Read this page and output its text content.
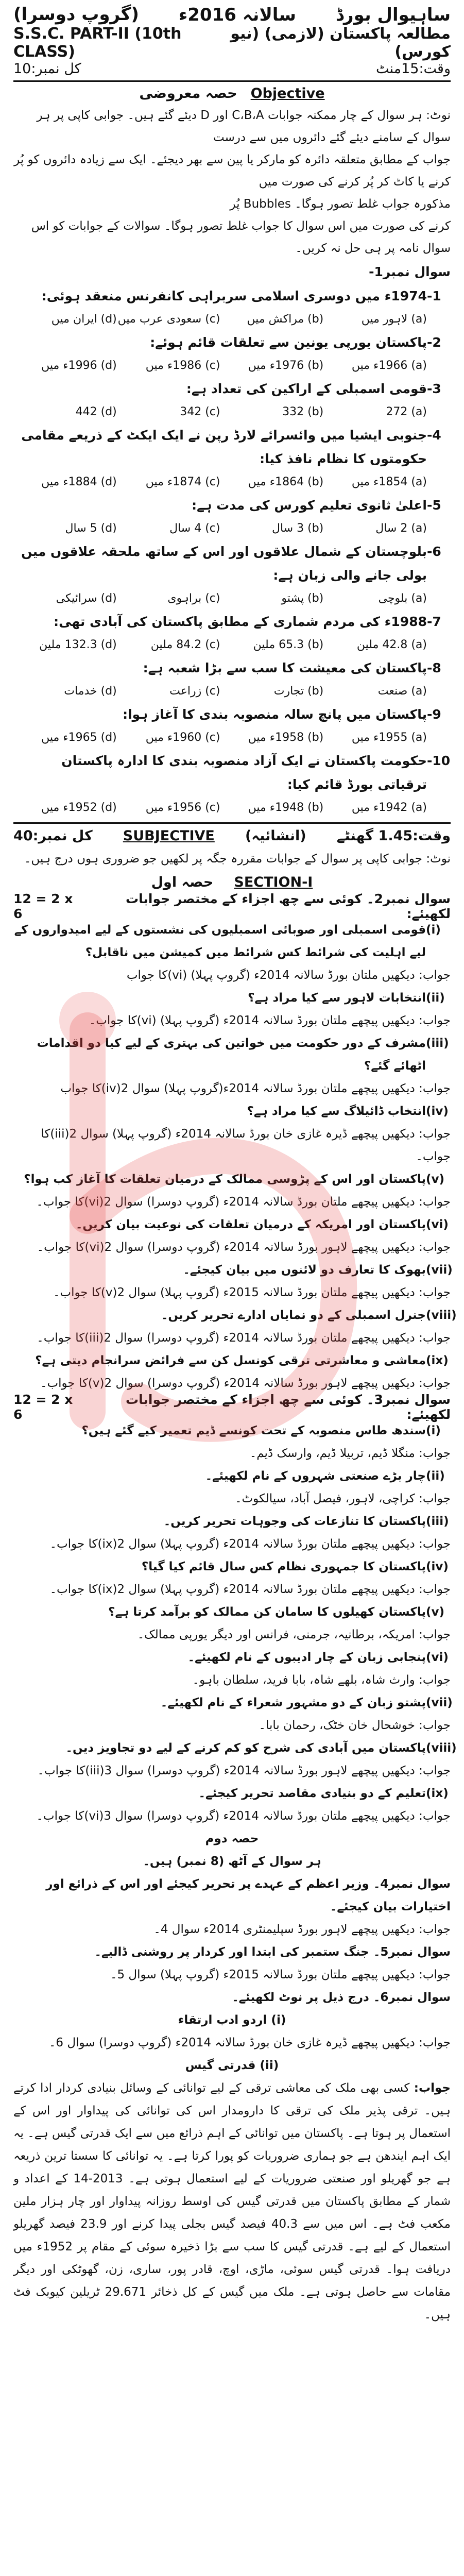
ساہیوال بورڈ
سالانہ 2016ء
(گروپ دوسرا)
مطالعہ پاکستان (لازمی) (نیو کورس)
S.S.C. PART-II (10th CLASS)
وقت:15منٹ
کل نمبر:10
حصہ معروضی Objective
نوٹ: ہر سوال کے چار ممکنہ جوابات C،B،A اور D دیئے گئے ہیں۔ جوابی کاپی پر ہر سوال کے سامنے دیئے گئے دائروں میں سے درست
جواب کے مطابق متعلقہ دائرہ کو مارکر یا پین سے بھر دیجئے۔ ایک سے زیادہ دائروں کو پُر کرنے یا کاٹ کر پُر کرنے کی صورت میں
مذکورہ جواب غلط تصور ہوگا۔ Bubbles پُر
کرنے کی صورت میں اس سوال کا جواب غلط تصور ہوگا۔ سوالات کے جوابات کو اس سوال نامہ پر ہی حل نہ کریں۔
سوال نمبر1-
-1
1974ء میں دوسری اسلامی سربراہی کانفرنس منعقد ہوئی:
(a) لاہور میں
(b) مراکش میں
(c) سعودی عرب میں
(d) ایران میں
-2
پاکستان یورپی یونین سے تعلقات قائم ہوئے:
(a) 1966ء میں
(b) 1976ء میں
(c) 1986ء میں
(d) 1996ء میں
-3
قومی اسمبلی کے اراکین کی تعداد ہے:
(a) 272
(b) 332
(c) 342
(d) 442
-4
جنوبی ایشیا میں وائسرائے لارڈ رپن نے ایک ایکٹ کے ذریعے مقامی حکومتوں کا نظام نافذ کیا:
(a) 1854ء میں
(b) 1864ء میں
(c) 1874ء میں
(d) 1884ء میں
-5
اعلیٰ ثانوی تعلیم کورس کی مدت ہے:
(a) 2 سال
(b) 3 سال
(c) 4 سال
(d) 5 سال
-6
بلوچستان کے شمال علاقوں اور اس کے ساتھ ملحقہ علاقوں میں بولی جانے والی زبان ہے:
(a) بلوچی
(b) پشتو
(c) براہوی
(d) سرائیکی
-7
1988ء کی مردم شماری کے مطابق پاکستان کی آبادی تھی:
(a) 42.8 ملین
(b) 65.3 ملین
(c) 84.2 ملین
(d) 132.3 ملین
-8
پاکستان کی معیشت کا سب سے بڑا شعبہ ہے:
(a) صنعت
(b) تجارت
(c) زراعت
(d) خدمات
-9
پاکستان میں پانچ سالہ منصوبہ بندی کا آغاز ہوا:
(a) 1955ء میں
(b) 1958ء میں
(c) 1960ء میں
(d) 1965ء میں
-10
حکومت پاکستان نے ایک آزاد منصوبہ بندی کا ادارہ پاکستان ترقیاتی بورڈ قائم کیا:
(a) 1942ء میں
(b) 1948ء میں
(c) 1956ء میں
(d) 1952ء میں
وقت:1.45 گھنٹے
(انشائیہ)
SUBJECTIVE
کل نمبر:40
نوٹ: جوابی کاپی پر سوال کے جوابات مقررہ جگہ پر لکھیں جو ضروری ہوں درج ہیں۔
حصہ اول SECTION-I
سوال نمبر2۔ کوئی سے چھ اجزاء کے مختصر جوابات لکھیئے:
12 = 2 x 6
(i)
قومی اسمبلی اور صوبائی اسمبلیوں کی نشستوں کے لیے امیدواروں کے لیے اہلیت کی شرائط کس شرائط میں کمیشن میں ناقابل؟
جواب: دیکھیں ملتان بورڈ سالانہ 2014ء (گروپ پہلا) (vi)کا جواب
(ii)
انتخابات لاہور سے کیا مراد ہے؟
جواب: دیکھیں پیچھے ملتان بورڈ سالانہ 2014ء (گروپ پہلا) (vi)کا جواب۔
(iii)
مشرف کے دور حکومت میں خواتین کی بہتری کے لیے کیا دو اقدامات اٹھائے گئے؟
جواب: دیکھیں پیچھے ملتان بورڈ سالانہ 2014ء(گروپ پہلا) سوال 2(iv)کا جواب
(iv)
انتخاب ڈائیلاگ سے کیا مراد ہے؟
جواب: دیکھیں پیچھے ڈیرہ غازی خان بورڈ سالانہ 2014ء (گروپ پہلا) سوال 2(iii)کا جواب۔
(v)
پاکستان اور اس کے پڑوسی ممالک کے درمیان تعلقات کا آغاز کب ہوا؟
جواب: دیکھیں پیچھے ملتان بورڈ سالانہ 2014ء (گروپ دوسرا) سوال 2(vi)کا جواب۔
(vi)
پاکستان اور امریکہ کے درمیان تعلقات کی نوعیت بیان کریں۔
جواب: دیکھیں پیچھے لاہور بورڈ سالانہ 2014ء (گروپ دوسرا) سوال 2(vi)کا جواب۔
(vii)
بھوک کا تعارف دو لائنوں میں بیان کیجئے۔
جواب: دیکھیں پیچھے ملتان بورڈ سالانہ 2015ء (گروپ پہلا) سوال 2(v)کا جواب۔
(viii)
جنرل اسمبلی کے دو نمایاں ادارے تحریر کریں۔
جواب: دیکھیں پیچھے ملتان بورڈ سالانہ 2014ء (گروپ دوسرا) سوال 2(iii)کا جواب۔
(ix)
معاشی و معاشرتی ترقی کونسل کن سے فرائض سرانجام دیتی ہے؟
جواب: دیکھیں پیچھے لاہور بورڈ سالانہ 2014ء (گروپ دوسرا) سوال 2(v)کا جواب۔
سوال نمبر3۔ کوئی سے چھ اجزاء کے مختصر جوابات لکھیئے:
12 = 2 x 6
(i)
سندھ طاس منصوبہ کے تحت کونسے ڈیم تعمیر کیے گئے ہیں؟
جواب: منگلا ڈیم، تربیلا ڈیم، وارسک ڈیم۔
(ii)
چار بڑے صنعتی شہروں کے نام لکھیئے۔
جواب: کراچی، لاہور، فیصل آباد، سیالکوٹ۔
(iii)
پاکستان کا تنازعات کی وجوہات تحریر کریں۔
جواب: دیکھیں پیچھے ملتان بورڈ سالانہ 2014ء (گروپ پہلا) سوال 2(ix)کا جواب۔
(iv)
پاکستان کا جمہوری نظام کس سال قائم کیا گیا؟
جواب: دیکھیں پیچھے ملتان بورڈ سالانہ 2014ء (گروپ پہلا) سوال 2(ix)کا جواب۔
(v)
پاکستان کھیلوں کا سامان کن ممالک کو برآمد کرتا ہے؟
جواب: امریکہ، برطانیہ، جرمنی، فرانس اور دیگر یورپی ممالک۔
(vi)
پنجابی زبان کے چار ادیبوں کے نام لکھیئے۔
جواب: وارث شاہ، بلھے شاہ، بابا فرید، سلطان باہو۔
(vii)
پشتو زبان کے دو مشہور شعراء کے نام لکھیئے۔
جواب: خوشحال خان خٹک، رحمان بابا۔
(viii)
پاکستان میں آبادی کی شرح کو کم کرنے کے لیے دو تجاویز دیں۔
جواب: دیکھیں پیچھے لاہور بورڈ سالانہ 2014ء (گروپ دوسرا) سوال 3(iii)کا جواب۔
(ix)
تعلیم کے دو بنیادی مقاصد تحریر کیجئے۔
جواب: دیکھیں پیچھے ملتان بورڈ سالانہ 2014ء (گروپ دوسرا) سوال 3(vi)کا جواب۔
حصہ دوم
ہر سوال کے آٹھ (8 نمبر) ہیں۔
سوال نمبر4۔ وزیر اعظم کے عہدے پر تحریر کیجئے اور اس کے ذرائع اور اختیارات بیان کیجئے۔
جواب: دیکھیں پیچھے لاہور بورڈ سپلیمنٹری 2014ء سوال 4۔
سوال نمبر5۔ جنگ ستمبر کی ابتدا اور کردار پر روشنی ڈالیے۔
جواب: دیکھیں پیچھے ملتان بورڈ سالانہ 2015ء (گروپ پہلا) سوال 5۔
سوال نمبر6۔ درج ذیل پر نوٹ لکھیئے۔
(i) اردو ادب ارتقاء
جواب: دیکھیں پیچھے ڈیرہ غازی خان بورڈ سالانہ 2014ء (گروپ دوسرا) سوال 6۔
(ii) قدرتی گیس
جواب: کسی بھی ملک کی معاشی ترقی کے لیے توانائی کے وسائل بنیادی کردار ادا کرتے ہیں۔ ترقی پذیر ملک کی ترقی کا دارومدار اس کی توانائی کی پیداوار اور اس کے استعمال پر ہوتا ہے۔ پاکستان میں توانائی کے اہم ذرائع میں سے ایک قدرتی گیس ہے۔ یہ ایک اہم ایندھن ہے جو ہماری ضروریات کو پورا کرتا ہے۔ یہ توانائی کا سستا ترین ذریعہ ہے جو گھریلو اور صنعتی ضروریات کے لیے استعمال ہوتی ہے۔ 2013-14 کے اعداد و شمار کے مطابق پاکستان میں قدرتی گیس کی اوسط روزانہ پیداوار اور چار ہزار ملین مکعب فٹ ہے۔ اس میں سے 40.3 فیصد گیس بجلی پیدا کرنے اور 23.9 فیصد گھریلو استعمال کے لیے ہے۔ قدرتی گیس کا سب سے بڑا ذخیرہ سوئی کے مقام پر 1952ء میں دریافت ہوا۔ قدرتی گیس سوئی، ماڑی، اوچ، قادر پور، ساری، زن، گھوٹکی اور دیگر مقامات سے حاصل ہوتی ہے۔ ملک میں گیس کے کل ذخائر 29.671 ٹریلین کیوبک فٹ ہیں۔
